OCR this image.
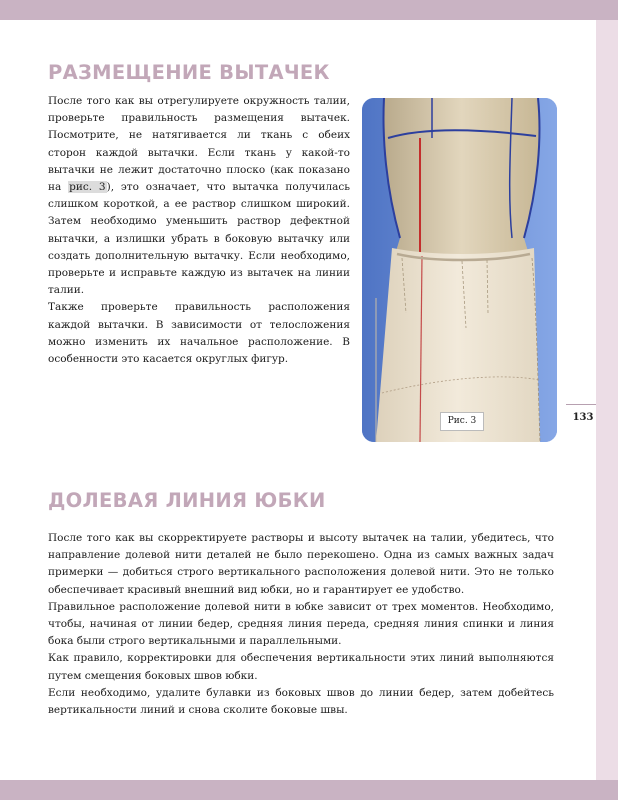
133
РАЗМЕЩЕНИЕ ВЫТАЧЕК

После того как вы отрегулируете окружность талии, проверьте правильность размещения вытачек. Посмотрите, не натягивается ли ткань с обеих сторон каждой вытачки. Если ткань у какой-то вытачки не лежит достаточно плоско (как показано на рис. 3), это означает, что вытачка получилась слишком короткой, а ее раствор слишком широкий. Затем необходимо уменьшить раствор дефектной вытачки, а излишки убрать в боковую вытачку или создать дополнительную вытачку. Если необходимо, проверьте и исправьте каждую из вытачек на линии талии.

Также проверьте правильность расположения каждой вытачки. В зависимости от телосложения можно изменить их начальное расположение. В особенности это касается округлых фигур.

Рис. 3
ДОЛЕВАЯ ЛИНИЯ ЮБКИ

После того как вы скорректируете растворы и высоту вытачек на талии, убедитесь, что направление долевой нити деталей не было перекошено. Одна из самых важных задач примерки — добиться строго вертикального расположения долевой нити. Это не только обеспечивает красивый внешний вид юбки, но и гарантирует ее удобство.

Правильное расположение долевой нити в юбке зависит от трех моментов. Необходимо, чтобы, начиная от линии бедер, средняя линия переда, средняя линия спинки и линия бока были строго вертикальными и параллельными.

Как правило, корректировки для обеспечения вертикальности этих линий выполняются путем смещения боковых швов юбки.

Если необходимо, удалите булавки из боковых швов до линии бедер, затем добейтесь вертикальности линий и снова сколите боковые швы.
